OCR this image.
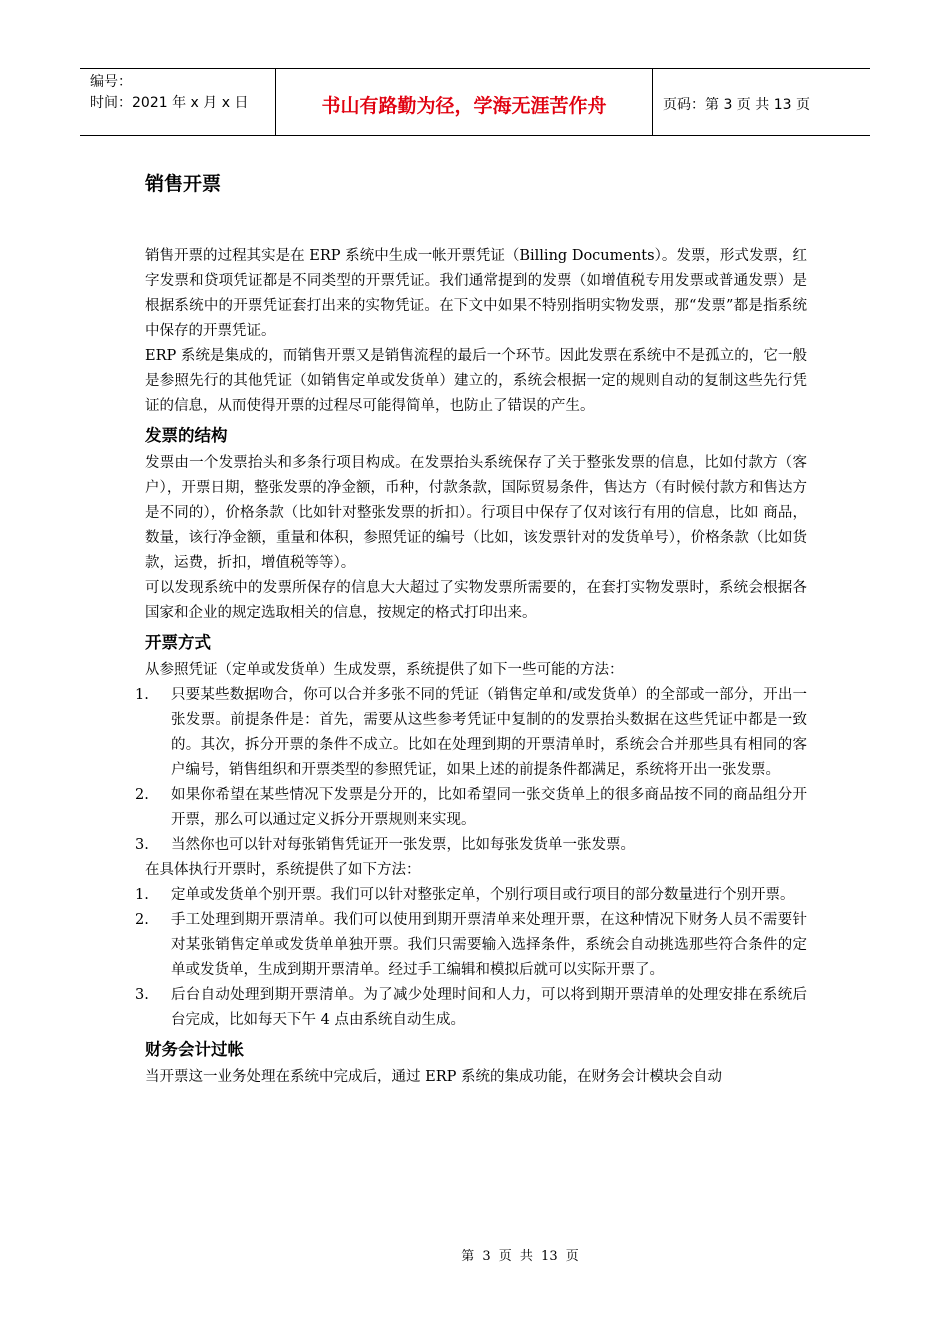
编号：
时间：2021 年 x 月 x 日	书山有路勤为径，学海无涯苦作舟	页码：第 3 页 共 13 页
销售开票

销售开票的过程其实是在 ERP 系统中生成一帐开票凭证（Billing Documents）。发票，形式发票，红字发票和贷项凭证都是不同类型的开票凭证。我们通常提到的发票（如增值税专用发票或普通发票）是根据系统中的开票凭证套打出来的实物凭证。在下文中如果不特别指明实物发票，那“发票”都是指系统中保存的开票凭证。

ERP 系统是集成的，而销售开票又是销售流程的最后一个环节。因此发票在系统中不是孤立的，它一般是参照先行的其他凭证（如销售定单或发货单）建立的，系统会根据一定的规则自动的复制这些先行凭证的信息，从而使得开票的过程尽可能得简单，也防止了错误的产生。

发票的结构

发票由一个发票抬头和多条行项目构成。在发票抬头系统保存了关于整张发票的信息，比如付款方（客户），开票日期，整张发票的净金额，币种，付款条款，国际贸易条件，售达方（有时候付款方和售达方是不同的），价格条款（比如针对整张发票的折扣）。行项目中保存了仅对该行有用的信息，比如 商品，数量，该行净金额，重量和体积，参照凭证的编号（比如，该发票针对的发货单号），价格条款（比如货款，运费，折扣，增值税等等）。

可以发现系统中的发票所保存的信息大大超过了实物发票所需要的，在套打实物发票时，系统会根据各国家和企业的规定选取相关的信息，按规定的格式打印出来。

开票方式

从参照凭证（定单或发货单）生成发票，系统提供了如下一些可能的方法：

1.	只要某些数据吻合，你可以合并多张不同的凭证（销售定单和/或发货单）的全部或一部分，开出一张发票。前提条件是：首先，需要从这些参考凭证中复制的的发票抬头数据在这些凭证中都是一致的。其次，拆分开票的条件不成立。比如在处理到期的开票清单时，系统会合并那些具有相同的客户编号，销售组织和开票类型的参照凭证，如果上述的前提条件都满足，系统将开出一张发票。
2.	如果你希望在某些情况下发票是分开的，比如希望同一张交货单上的很多商品按不同的商品组分开开票，那么可以通过定义拆分开票规则来实现。
3.	当然你也可以针对每张销售凭证开一张发票，比如每张发货单一张发票。

在具体执行开票时，系统提供了如下方法：

1.	定单或发货单个别开票。我们可以针对整张定单，个别行项目或行项目的部分数量进行个别开票。
2.	手工处理到期开票清单。我们可以使用到期开票清单来处理开票，在这种情况下财务人员不需要针对某张销售定单或发货单单独开票。我们只需要输入选择条件，系统会自动挑选那些符合条件的定单或发货单，生成到期开票清单。经过手工编辑和模拟后就可以实际开票了。
3.	后台自动处理到期开票清单。为了减少处理时间和人力，可以将到期开票清单的处理安排在系统后台完成，比如每天下午 4 点由系统自动生成。
财务会计过帐

当开票这一业务处理在系统中完成后，通过 ERP 系统的集成功能，在财务会计模块会自动

第 3 页 共 13 页
